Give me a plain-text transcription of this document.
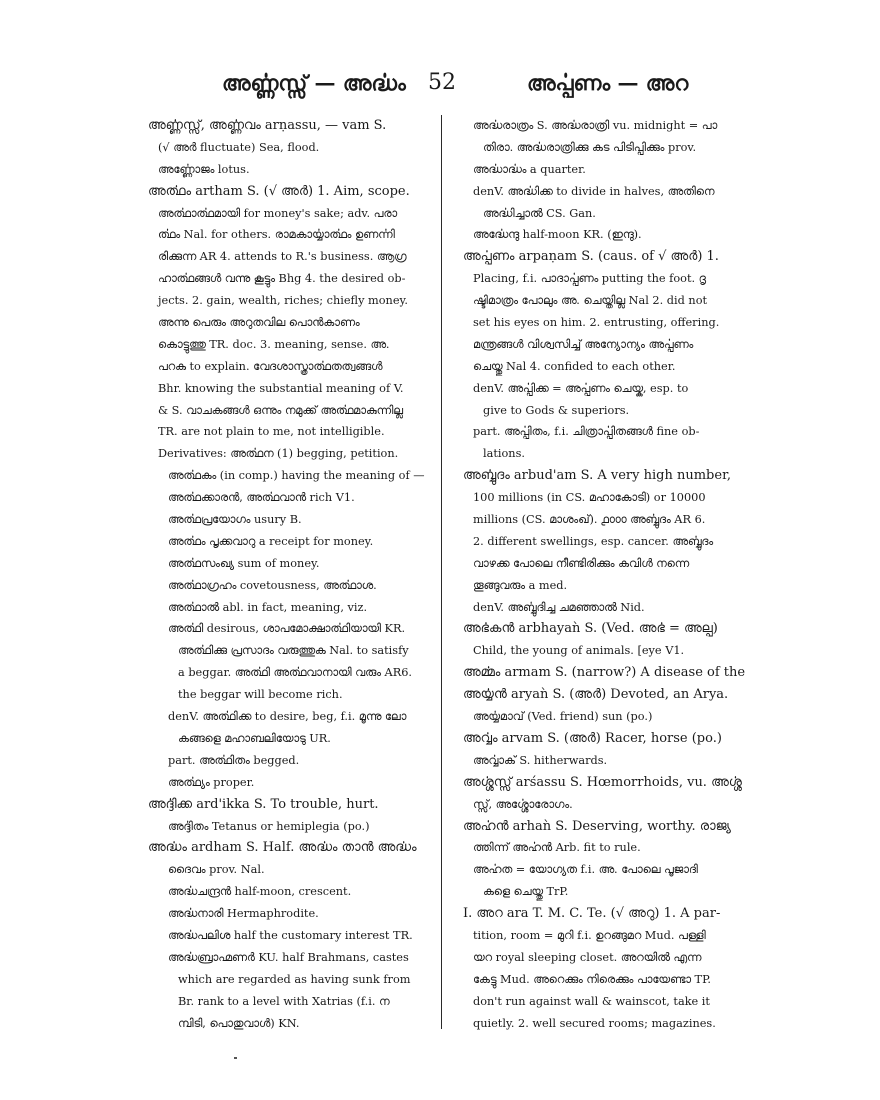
അൎണ്ണസ്സ് — അൎദ്ധം 52	അൎപ്പണം — അറ
അൎണ്ണസ്സ്, അൎണ്ണവം arṇassu, — vam S.
(√ അർ fluctuate) Sea, flood.
അൎണ്ണോജം lotus.
അൎത്ഥം artham S. (√ അർ) 1. Aim, scope.
അൎത്ഥാൎത്ഥമായി for money's sake; adv. പരാ
ൎത്ഥം Nal. for others. രാമകാൎയ്യാൎത്ഥം ഉണൎന്നി
രിക്കുന്ന AR 4. attends to R.'s business. ആഗ്ര
ഹാൎത്ഥങ്ങൾ വന്നു കൂട്ടും Bhg 4. the desired ob-
jects. 2. gain, wealth, riches; chiefly money.
അന്നു പെരും അറുതവില പൊൻകാണം
കൊട്ടുത്തു TR. doc. 3. meaning, sense. അ.
പറക to explain. വേദശാസ്ത്രാൎത്ഥതത്വങ്ങൾ
Bhr. knowing the substantial meaning of V.
& S. വാചകങ്ങൾ ഒന്നും നമുക്ക് അൎത്ഥമാകുന്നില്ല
TR. are not plain to me, not intelligible.
Derivatives: അൎത്ഥന (1) begging, petition.
അൎത്ഥകം (in comp.) having the meaning of —
അൎത്ഥക്കാരൻ, അൎത്ഥവാൻ rich V1.
അൎത്ഥപ്രയോഗം usury B.
അൎത്ഥം പൃക്കവാറു a receipt for money.
അൎത്ഥസംഖ്യ sum of money.
അൎത്ഥാഗ്രഹം covetousness, അൎത്ഥാശ.
അൎത്ഥാൽ abl. in fact, meaning, viz.
അൎത്ഥി desirous, ശാപമോക്ഷാൎത്ഥിയായി KR.
അൎത്ഥിക്കു പ്രസാദം വരുത്തുക Nal. to satisfy
a beggar. അൎത്ഥി അൎത്ഥവാനായി വരും AR6.
the beggar will become rich.
denV. അൎത്ഥിക്ക to desire, beg, f.i. മൂന്നു ലോ
കങ്ങളെ മഹാബലിയോടു UR.
part. അൎത്ഥിതം begged.
അൎത്ഥ്യം proper.
അൎദ്ദിക്ക ard'ikka S. To trouble, hurt.
അൎദ്ദിതം Tetanus or hemiplegia (po.)
അൎദ്ധം ardham S. Half. അൎദ്ധം താൻ അൎദ്ധം
ദൈവം prov. Nal.
അൎദ്ധചന്ദ്രൻ half-moon, crescent.
അൎദ്ധനാരി Hermaphrodite.
അൎദ്ധപലിശ half the customary interest TR.
അൎദ്ധബ്രാഹ്മണർ KU. half Brahmans, castes
which are regarded as having sunk from
Br. rank to a level with Xatrias (f.i. ന
മ്പിടി, പൊതുവാൾ) KN.
അൎദ്ധരാത്രം S. അൎദ്ധരാത്രി vu. midnight = പാ
തിരാ. അൎദ്ധരാത്രിക്കു കട പിടിപ്പിക്കും prov.
അൎദ്ധാൎദ്ധം a quarter.
denV. അൎദ്ധിക്ക to divide in halves, അതിനെ
അൎദ്ധിച്ചാൽ CS. Gan.
അൎദ്ധേന്ദു half-moon KR. (ഇന്ദു).
അൎപ്പണം arpaṇam S. (caus. of √ അർ) 1.
Placing, f.i. പാദാൎപ്പണം putting the foot. ദൃ
ഷ്ടിമാത്രം പോലും അ. ചെയ്തില്ല Nal 2. did not
set his eyes on him. 2. entrusting, offering.
മന്ത്രങ്ങൾ വിശ്വസിച്ച് അന്യോന്യം അൎപ്പണം
ചെയ്തു Nal 4. confided to each other.
denV. അൎപ്പിക്ക = അൎപ്പണം ചെയ്ക, esp. to
give to Gods & superiors.
part. അൎപ്പിതം, f.i. ചിത്രാൎപ്പിതങ്ങൾ fine ob-
lations.
അൎബ്ബുദം arbud'am S. A very high number,
100 millions (in CS. മഹാകോടി) or 10000
millions (CS. മാശംഖ്). ൧൦൦൦ അൎബ്ബുദം AR 6.
2. different swellings, esp. cancer. അൎബ്ബുദം
വാഴക്ക പോലെ നീണ്ടിരിക്കും കവിൾ നന്നെ
തൂങ്ങുവരും a med.
denV. അൎബ്ബുദിച്ച ചമഞ്ഞാൽ Nid.
അൎഭകൻ arbhayaǹ S. (Ved. അൎഭ = അല്പ)
Child, the young of animals. [eye V1.
അൎമ്മം armam S. (narrow?) A disease of the
അൎയ്യൻ aryaǹ S. (അർ) Devoted, an Arya.
അൎയ്യമാവ് (Ved. friend) sun (po.)
അൎവ്വം arvam S. (അർ) Racer, horse (po.)
അൎവ്വാക് S. hitherwards.
അൎശ്ശസ്സ് arśassu S. Hœmorrhoids, vu. അൎശ്ശ
സ്സ്, അൎശ്ശോരോഗം.
അൎഹൻ arhaǹ S. Deserving, worthy. രാജ്യ
ത്തിന്ന് അൎഹൻ Arb. fit to rule.
അൎഹത = യോഗ്യത f.i. അ. പോലെ പൂജാദി
കളെ ചെയ്തു TrP.
I. അറ ara T. M. C. Te. (√ അറു) 1. A par-
tition, room = മുറി f.i. ഉറങ്ങുമറ Mud. പള്ളി
യറ royal sleeping closet. അറയിൽ എന്ന
കേട്ടു Mud. അറെക്കും നിരെക്കും പായേണ്ടാ TP.
don't run against wall & wainscot, take it
quietly. 2. well secured rooms; magazines.
